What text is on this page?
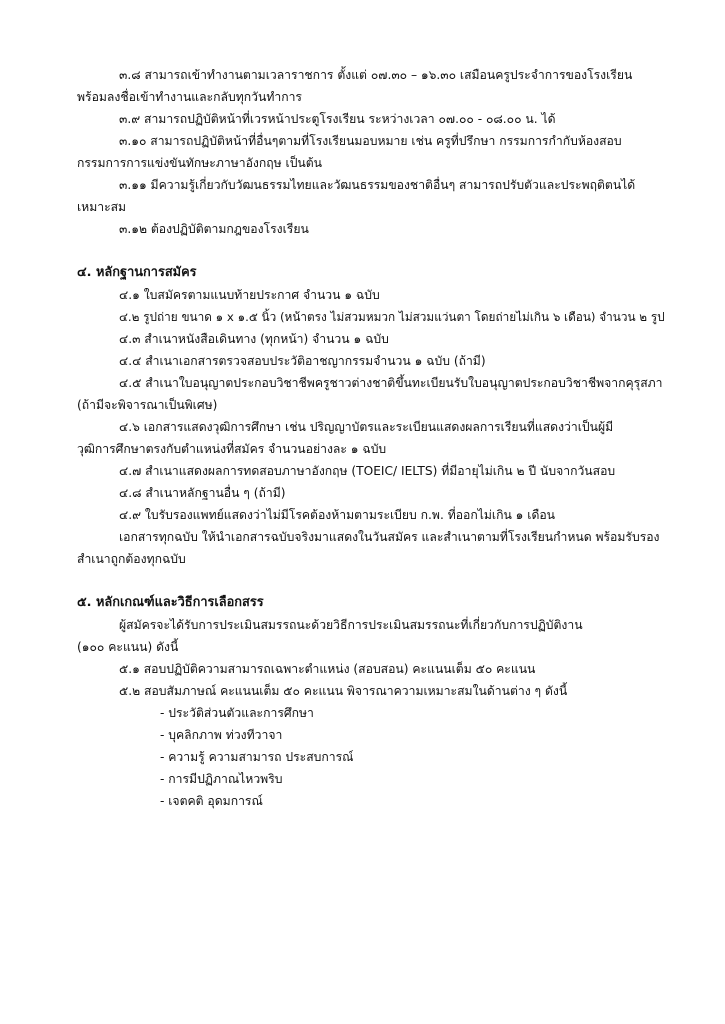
๓.๘ สามารถเข้าทำงานตามเวลาราชการ ตั้งแต่ ๐๗.๓๐ – ๑๖.๓๐ เสมือนครูประจำการของโรงเรียน
พร้อมลงชื่อเข้าทำงานและกลับทุกวันทำการ
๓.๙ สามารถปฏิบัติหน้าที่เวรหน้าประตูโรงเรียน ระหว่างเวลา ๐๗.๐๐ - ๐๘.๐๐ น. ได้
๓.๑๐ สามารถปฏิบัติหน้าที่อื่นๆตามที่โรงเรียนมอบหมาย เช่น ครูที่ปรึกษา กรรมการกำกับห้องสอบ
กรรมการการแข่งขันทักษะภาษาอังกฤษ เป็นต้น
๓.๑๑ มีความรู้เกี่ยวกับวัฒนธรรมไทยและวัฒนธรรมของชาติอื่นๆ สามารถปรับตัวและประพฤติตนได้
เหมาะสม
๓.๑๒ ต้องปฏิบัติตามกฎของโรงเรียน
๔. หลักฐานการสมัคร
๔.๑ ใบสมัครตามแนบท้ายประกาศ จำนวน ๑ ฉบับ
๔.๒ รูปถ่าย ขนาด ๑ x ๑.๕ นิ้ว (หน้าตรง ไม่สวมหมวก ไม่สวมแว่นตา โดยถ่ายไม่เกิน ๖ เดือน) จำนวน ๒ รูป
๔.๓ สำเนาหนังสือเดินทาง (ทุกหน้า) จำนวน ๑ ฉบับ
๔.๔ สำเนาเอกสารตรวจสอบประวัติอาชญากรรมจำนวน ๑ ฉบับ (ถ้ามี)
๔.๕ สำเนาใบอนุญาตประกอบวิชาชีพครูชาวต่างชาติขึ้นทะเบียนรับใบอนุญาตประกอบวิชาชีพจากคุรุสภา
(ถ้ามีจะพิจารณาเป็นพิเศษ)
๔.๖ เอกสารแสดงวุฒิการศึกษา เช่น ปริญญาบัตรและระเบียนแสดงผลการเรียนที่แสดงว่าเป็นผู้มี
วุฒิการศึกษาตรงกับตำแหน่งที่สมัคร จำนวนอย่างละ ๑ ฉบับ
๔.๗ สำเนาแสดงผลการทดสอบภาษาอังกฤษ (TOEIC/ IELTS) ที่มีอายุไม่เกิน ๒ ปี นับจากวันสอบ
๔.๘ สำเนาหลักฐานอื่น ๆ (ถ้ามี)
๔.๙ ใบรับรองแพทย์แสดงว่าไม่มีโรคต้องห้ามตามระเบียบ ก.พ. ที่ออกไม่เกิน ๑ เดือน
เอกสารทุกฉบับ ให้นำเอกสารฉบับจริงมาแสดงในวันสมัคร และสำเนาตามที่โรงเรียนกำหนด พร้อมรับรอง
สำเนาถูกต้องทุกฉบับ
๕. หลักเกณฑ์และวิธีการเลือกสรร
ผู้สมัครจะได้รับการประเมินสมรรถนะด้วยวิธีการประเมินสมรรถนะที่เกี่ยวกับการปฏิบัติงาน
(๑๐๐ คะแนน) ดังนี้
๕.๑ สอบปฏิบัติความสามารถเฉพาะตำแหน่ง (สอบสอน) คะแนนเต็ม ๕๐ คะแนน
๕.๒ สอบสัมภาษณ์ คะแนนเต็ม ๕๐ คะแนน พิจารณาความเหมาะสมในด้านต่าง ๆ ดังนี้
- ประวัติส่วนตัวและการศึกษา
- บุคลิกภาพ ท่วงทีวาจา
- ความรู้ ความสามารถ ประสบการณ์
- การมีปฏิภาณไหวพริบ
- เจตคติ อุดมการณ์
